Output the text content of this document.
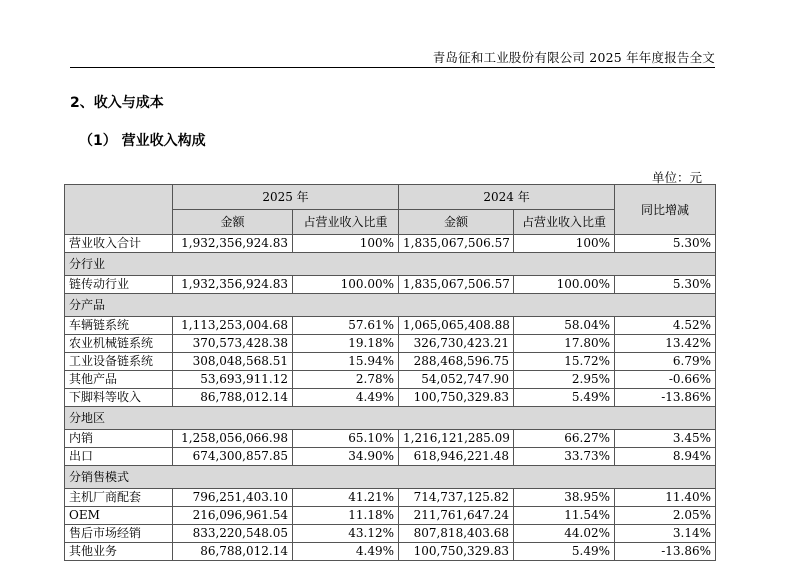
青岛征和工业股份有限公司 2025 年年度报告全文
2、收入与成本
（1） 营业收入构成
单位：元
	2025 年		2024 年		同比增减
	金额	占营业收入比重	金额	占营业收入比重	
营业收入合计	1,932,356,924.83	100%	1,835,067,506.57	100%	5.30%
分行业					
链传动行业	1,932,356,924.83	100.00%	1,835,067,506.57	100.00%	5.30%
分产品					
车辆链系统	1,113,253,004.68	57.61%	1,065,065,408.88	58.04%	4.52%
农业机械链系统	370,573,428.38	19.18%	326,730,423.21	17.80%	13.42%
工业设备链系统	308,048,568.51	15.94%	288,468,596.75	15.72%	6.79%
其他产品	53,693,911.12	2.78%	54,052,747.90	2.95%	-0.66%
下脚料等收入	86,788,012.14	4.49%	100,750,329.83	5.49%	-13.86%
分地区					
内销	1,258,056,066.98	65.10%	1,216,121,285.09	66.27%	3.45%
出口	674,300,857.85	34.90%	618,946,221.48	33.73%	8.94%
分销售模式					
主机厂商配套	796,251,403.10	41.21%	714,737,125.82	38.95%	11.40%
OEM	216,096,961.54	11.18%	211,761,647.24	11.54%	2.05%
售后市场经销	833,220,548.05	43.12%	807,818,403.68	44.02%	3.14%
其他业务	86,788,012.14	4.49%	100,750,329.83	5.49%	-13.86%
